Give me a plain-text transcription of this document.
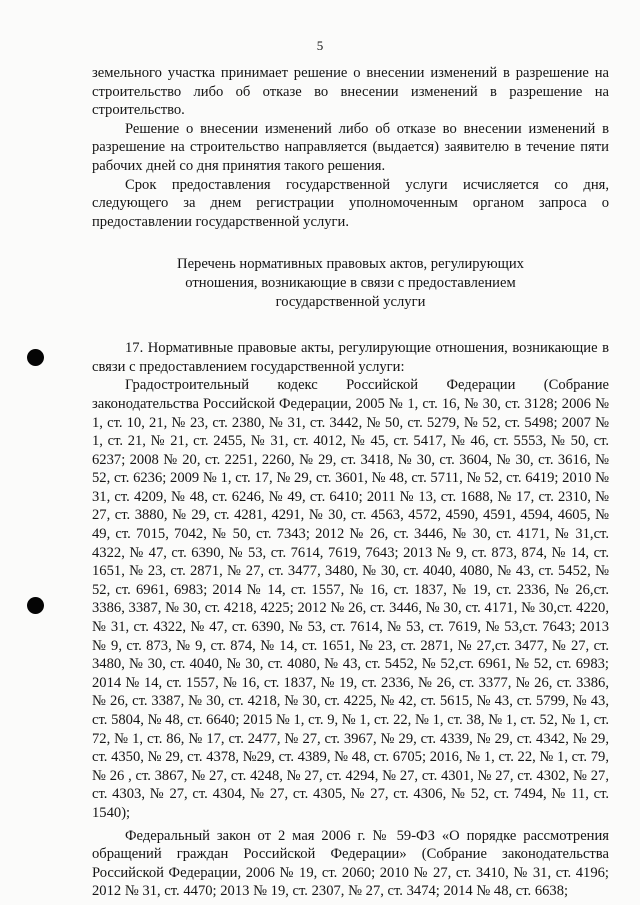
5

земельного участка принимает решение о внесении изменений в разрешение на строительство либо об отказе во внесении изменений в разрешение на строительство.

Решение о внесении изменений либо об отказе во внесении изменений в разрешение на строительство направляется (выдается) заявителю в течение пяти рабочих дней со дня принятия такого решения.

Срок предоставления государственной услуги исчисляется со дня, следующего за днем регистрации уполномоченным органом запроса о предоставлении государственной услуги.

Перечень нормативных правовых актов, регулирующих
отношения, возникающие в связи с предоставлением
государственной услуги

17. Нормативные правовые акты, регулирующие отношения, возникающие в связи с предоставлением государственной услуги:

Градостроительный кодекс Российской Федерации (Собрание законодательства Российской Федерации, 2005 № 1, ст. 16, № 30, ст. 3128; 2006 № 1, ст. 10, 21, № 23, ст. 2380, № 31, ст. 3442, № 50, ст. 5279, № 52, ст. 5498; 2007 № 1, ст. 21, № 21, ст. 2455, № 31, ст. 4012, № 45, ст. 5417, № 46, ст. 5553, № 50, ст. 6237; 2008 № 20, ст. 2251, 2260, № 29, ст. 3418, № 30, ст. 3604, № 30, ст. 3616, № 52, ст. 6236; 2009 № 1, ст. 17, № 29, ст. 3601, № 48, ст. 5711, № 52, ст. 6419; 2010 № 31, ст. 4209, № 48, ст. 6246, № 49, ст. 6410; 2011 № 13, ст. 1688, № 17, ст. 2310, № 27, ст. 3880, № 29, ст. 4281, 4291, № 30, ст. 4563, 4572, 4590, 4591, 4594, 4605, № 49, ст. 7015, 7042, № 50, ст. 7343; 2012 № 26, ст. 3446, № 30, ст. 4171, № 31,ст. 4322, № 47, ст. 6390, № 53, ст. 7614, 7619, 7643; 2013 № 9, ст. 873, 874, № 14, ст. 1651, № 23, ст. 2871, № 27, ст. 3477, 3480, № 30, ст. 4040, 4080, № 43, ст. 5452, № 52, ст. 6961, 6983; 2014 № 14, ст. 1557, № 16, ст. 1837, № 19, ст. 2336, № 26,ст. 3386, 3387, № 30, ст. 4218, 4225; 2012 № 26, ст. 3446, № 30, ст. 4171, № 30,ст. 4220, № 31, ст. 4322, № 47, ст. 6390, № 53, ст. 7614, № 53, ст. 7619, № 53,ст. 7643; 2013 № 9, ст. 873, № 9, ст. 874, № 14, ст. 1651, № 23, ст. 2871, № 27,ст. 3477, № 27, ст. 3480, № 30, ст. 4040, № 30, ст. 4080, № 43, ст. 5452, № 52,ст. 6961, № 52, ст. 6983; 2014 № 14, ст. 1557, № 16, ст. 1837, № 19, ст. 2336, № 26, ст. 3377, № 26, ст. 3386, № 26, ст. 3387, № 30, ст. 4218, № 30, ст. 4225, № 42, ст. 5615, № 43, ст. 5799, № 43, ст. 5804, № 48, ст. 6640; 2015 № 1, ст. 9, № 1, ст. 22, № 1, ст. 38, № 1, ст. 52, № 1, ст. 72, № 1, ст. 86, № 17, ст. 2477, № 27, ст. 3967, № 29, ст. 4339, № 29, ст. 4342, № 29, ст. 4350, № 29, ст. 4378, №29, ст. 4389, № 48, ст. 6705; 2016, № 1, ст. 22, № 1, ст. 79, № 26 , ст. 3867, № 27, ст. 4248, № 27, ст. 4294, № 27, ст. 4301, № 27, ст. 4302, № 27, ст. 4303, № 27, ст. 4304, № 27, ст. 4305, № 27, ст. 4306, № 52, ст. 7494, № 11, ст. 1540);

Федеральный закон от 2 мая 2006 г. № 59-ФЗ «О порядке рассмотрения обращений граждан Российской Федерации» (Собрание законодательства Российской Федерации, 2006 № 19, ст. 2060; 2010 № 27, ст. 3410, № 31, ст. 4196; 2012 № 31, ст. 4470; 2013 № 19, ст. 2307, № 27, ст. 3474; 2014 № 48, ст. 6638;
